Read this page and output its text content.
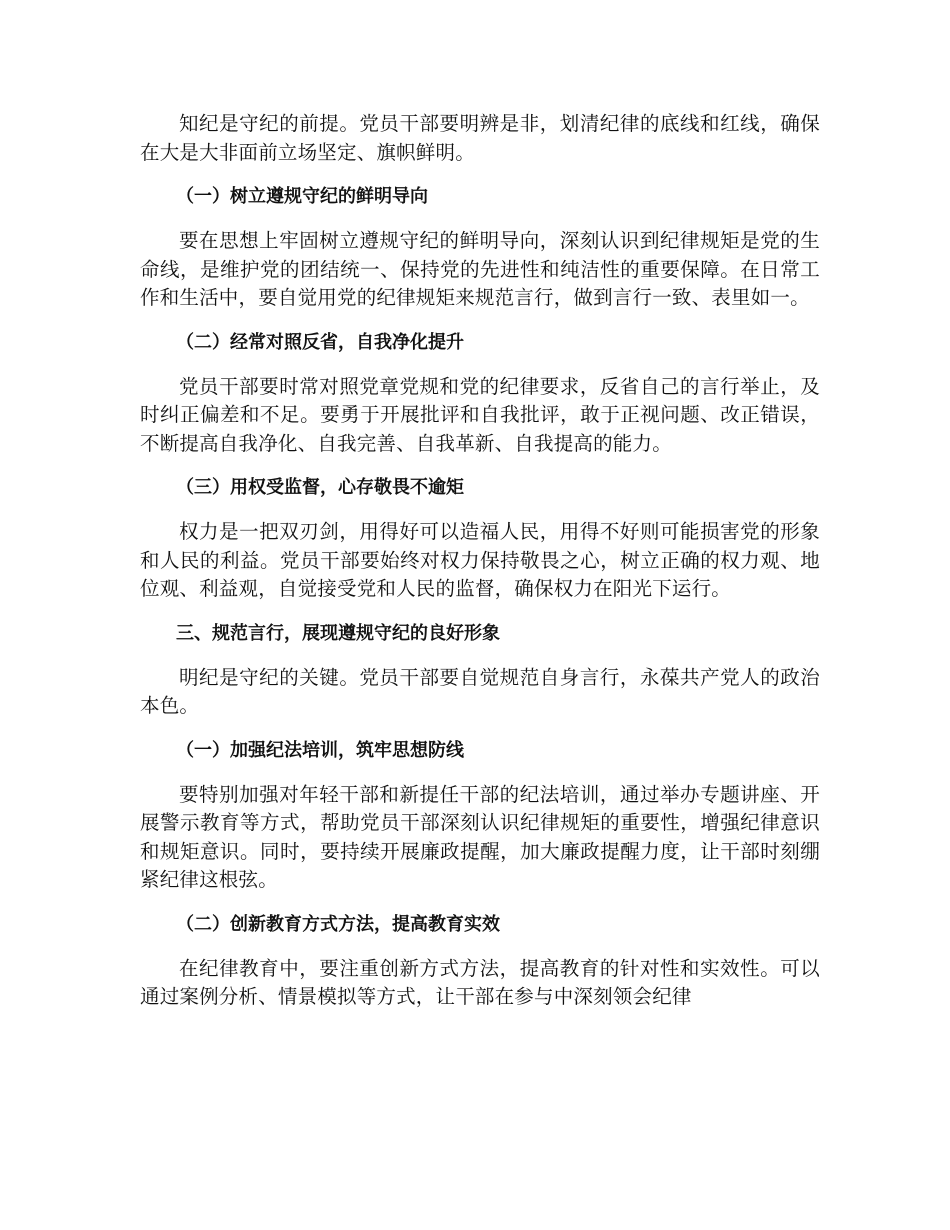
知纪是守纪的前提。党员干部要明辨是非，划清纪律的底线和红线，确保在大是大非面前立场坚定、旗帜鲜明。

（一）树立遵规守纪的鲜明导向

要在思想上牢固树立遵规守纪的鲜明导向，深刻认识到纪律规矩是党的生命线，是维护党的团结统一、保持党的先进性和纯洁性的重要保障。在日常工作和生活中，要自觉用党的纪律规矩来规范言行，做到言行一致、表里如一。

（二）经常对照反省，自我净化提升

党员干部要时常对照党章党规和党的纪律要求，反省自己的言行举止，及时纠正偏差和不足。要勇于开展批评和自我批评，敢于正视问题、改正错误，不断提高自我净化、自我完善、自我革新、自我提高的能力。

（三）用权受监督，心存敬畏不逾矩

权力是一把双刃剑，用得好可以造福人民，用得不好则可能损害党的形象和人民的利益。党员干部要始终对权力保持敬畏之心，树立正确的权力观、地位观、利益观，自觉接受党和人民的监督，确保权力在阳光下运行。

三、规范言行，展现遵规守纪的良好形象

明纪是守纪的关键。党员干部要自觉规范自身言行，永葆共产党人的政治本色。

（一）加强纪法培训，筑牢思想防线

要特别加强对年轻干部和新提任干部的纪法培训，通过举办专题讲座、开展警示教育等方式，帮助党员干部深刻认识纪律规矩的重要性，增强纪律意识和规矩意识。同时，要持续开展廉政提醒，加大廉政提醒力度，让干部时刻绷紧纪律这根弦。

（二）创新教育方式方法，提高教育实效

在纪律教育中，要注重创新方式方法，提高教育的针对性和实效性。可以通过案例分析、情景模拟等方式，让干部在参与中深刻领会纪律
